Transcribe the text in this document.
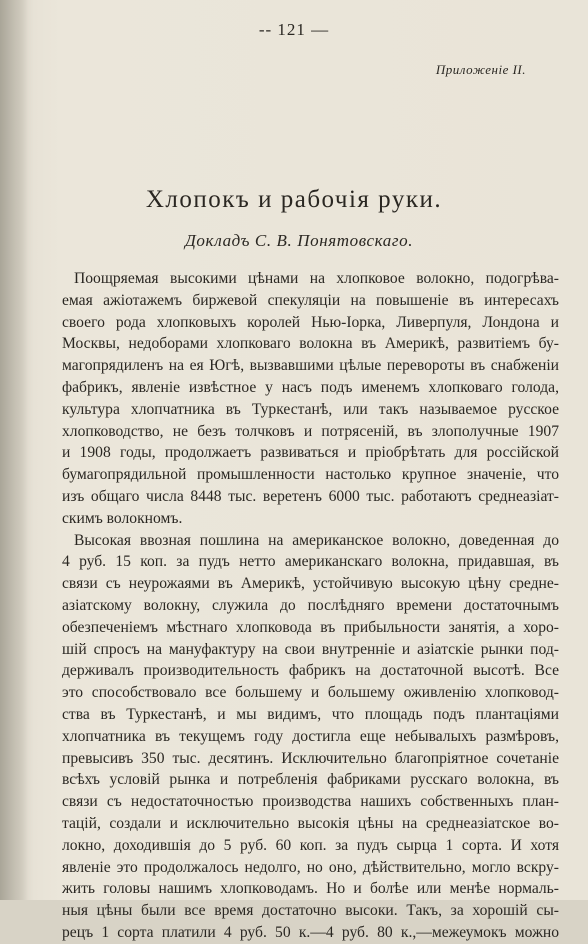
-- 121 —
Приложеніе II.
Хлопокъ и рабочія руки.
Докладъ С. В. Понятовскаго.
Поощряемая высокими цѣнами на хлопковое волокно, подогрѣва-
емая ажіотажемъ биржевой спекуляціи на повышеніе въ интересахъ
своего рода хлопковыхъ королей Нью-Іорка, Ливерпуля, Лондона и
Москвы, недоборами хлопковаго волокна въ Америкѣ, развитіемъ бу-
магопрядиленъ на ея Югѣ, вызвавшими цѣлые перевороты въ снабженіи
фабрикъ, явленіе извѣстное у насъ подъ именемъ хлопковаго голода,
культура хлопчатника въ Туркестанѣ, или такъ называемое русское
хлопководство, не безъ толчковъ и потрясеній, въ злополучные 1907
и 1908 годы, продолжаетъ развиваться и пріобрѣтать для россійской
бумагопрядильной промышленности настолько крупное значеніе, что
изъ общаго числа 8448 тыс. веретенъ 6000 тыс. работаютъ среднеазіат-
скимъ волокномъ.
Высокая ввозная пошлина на американское волокно, доведенная до
4 руб. 15 коп. за пудъ нетто американскаго волокна, придавшая, въ
связи съ неурожаями въ Америкѣ, устойчивую высокую цѣну средне-
азіатскому волокну, служила до послѣдняго времени достаточнымъ
обезпеченіемъ мѣстнаго хлопковода въ прибыльности занятія, а хоро-
шій спросъ на мануфактуру на свои внутренніе и азіатскіе рынки под-
держивалъ производительность фабрикъ на достаточной высотѣ. Все
это способствовало все большему и большему оживленію хлопковод-
ства въ Туркестанѣ, и мы видимъ, что площадь подъ плантаціями
хлопчатника въ текущемъ году достигла еще небывалыхъ размѣровъ,
превысивъ 350 тыс. десятинъ. Исключительно благопріятное сочетаніе
всѣхъ условій рынка и потребленія фабриками русскаго волокна, въ
связи съ недостаточностью производства нашихъ собственныхъ план-
тацій, создали и исключительно высокія цѣны на среднеазіатское во-
локно, доходившія до 5 руб. 60 коп. за пудъ сырца 1 сорта. И хотя
явленіе это продолжалось недолго, но оно, дѣйствительно, могло вскру-
жить головы нашимъ хлопководамъ. Но и болѣе или менѣе нормаль-
ныя цѣны были все время достаточно высоки. Такъ, за хорошій сы-
рецъ 1 сорта платили 4 руб. 50 к.—4 руб. 80 к.,—межеумокъ можно
